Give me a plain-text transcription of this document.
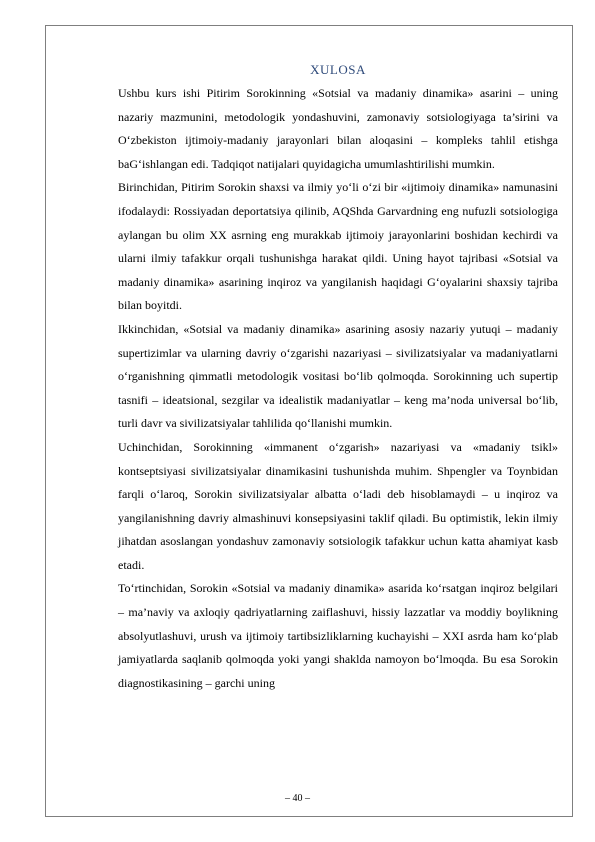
XULOSA

Ushbu kurs ishi Pitirim Sorokinning «Sotsial va madaniy dinamika» asarini – uning nazariy mazmunini, metodologik yondashuvini, zamonaviy sotsiologiyaga ta’sirini va O‘zbekiston ijtimoiy-madaniy jarayonlari bilan aloqasini – kompleks tahlil etishga baG‘ishlangan edi. Tadqiqot natijalari quyidagicha umumlashtirilishi mumkin.

Birinchidan, Pitirim Sorokin shaxsi va ilmiy yo‘li o‘zi bir «ijtimoiy dinamika» namunasini ifodalaydi: Rossiyadan deportatsiya qilinib, AQShda Garvardning eng nufuzli sotsiologiga aylangan bu olim XX asrning eng murakkab ijtimoiy jarayonlarini boshidan kechirdi va ularni ilmiy tafakkur orqali tushunishga harakat qildi. Uning hayot tajribasi «Sotsial va madaniy dinamika» asarining inqiroz va yangilanish haqidagi G‘oyalarini shaxsiy tajriba bilan boyitdi.

Ikkinchidan, «Sotsial va madaniy dinamika» asarining asosiy nazariy yutuqi – madaniy supertizimlar va ularning davriy o‘zgarishi nazariyasi – sivilizatsiyalar va madaniyatlarni o‘rganishning qimmatli metodologik vositasi bo‘lib qolmoqda. Sorokinning uch supertip tasnifi – ideatsional, sezgilar va idealistik madaniyatlar – keng ma’noda universal bo‘lib, turli davr va sivilizatsiyalar tahlilida qo‘llanishi mumkin.

Uchinchidan, Sorokinning «immanent o‘zgarish» nazariyasi va «madaniy tsikl» kontseptsiyasi sivilizatsiyalar dinamikasini tushunishda muhim. Shpengler va Toynbidan farqli o‘laroq, Sorokin sivilizatsiyalar albatta o‘ladi deb hisoblamaydi – u inqiroz va yangilanishning davriy almashinuvi konsepsiyasini taklif qiladi. Bu optimistik, lekin ilmiy jihatdan asoslangan yondashuv zamonaviy sotsiologik tafakkur uchun katta ahamiyat kasb etadi.

To‘rtinchidan, Sorokin «Sotsial va madaniy dinamika» asarida ko‘rsatgan inqiroz belgilari – ma’naviy va axloqiy qadriyatlarning zaiflashuvi, hissiy lazzatlar va moddiy boylikning absolyutlashuvi, urush va ijtimoiy tartibsizliklarning kuchayishi – XXI asrda ham ko‘plab jamiyatlarda saqlanib qolmoqda yoki yangi shaklda namoyon bo‘lmoqda. Bu esa Sorokin diagnostikasining – garchi uning

– 40 –
